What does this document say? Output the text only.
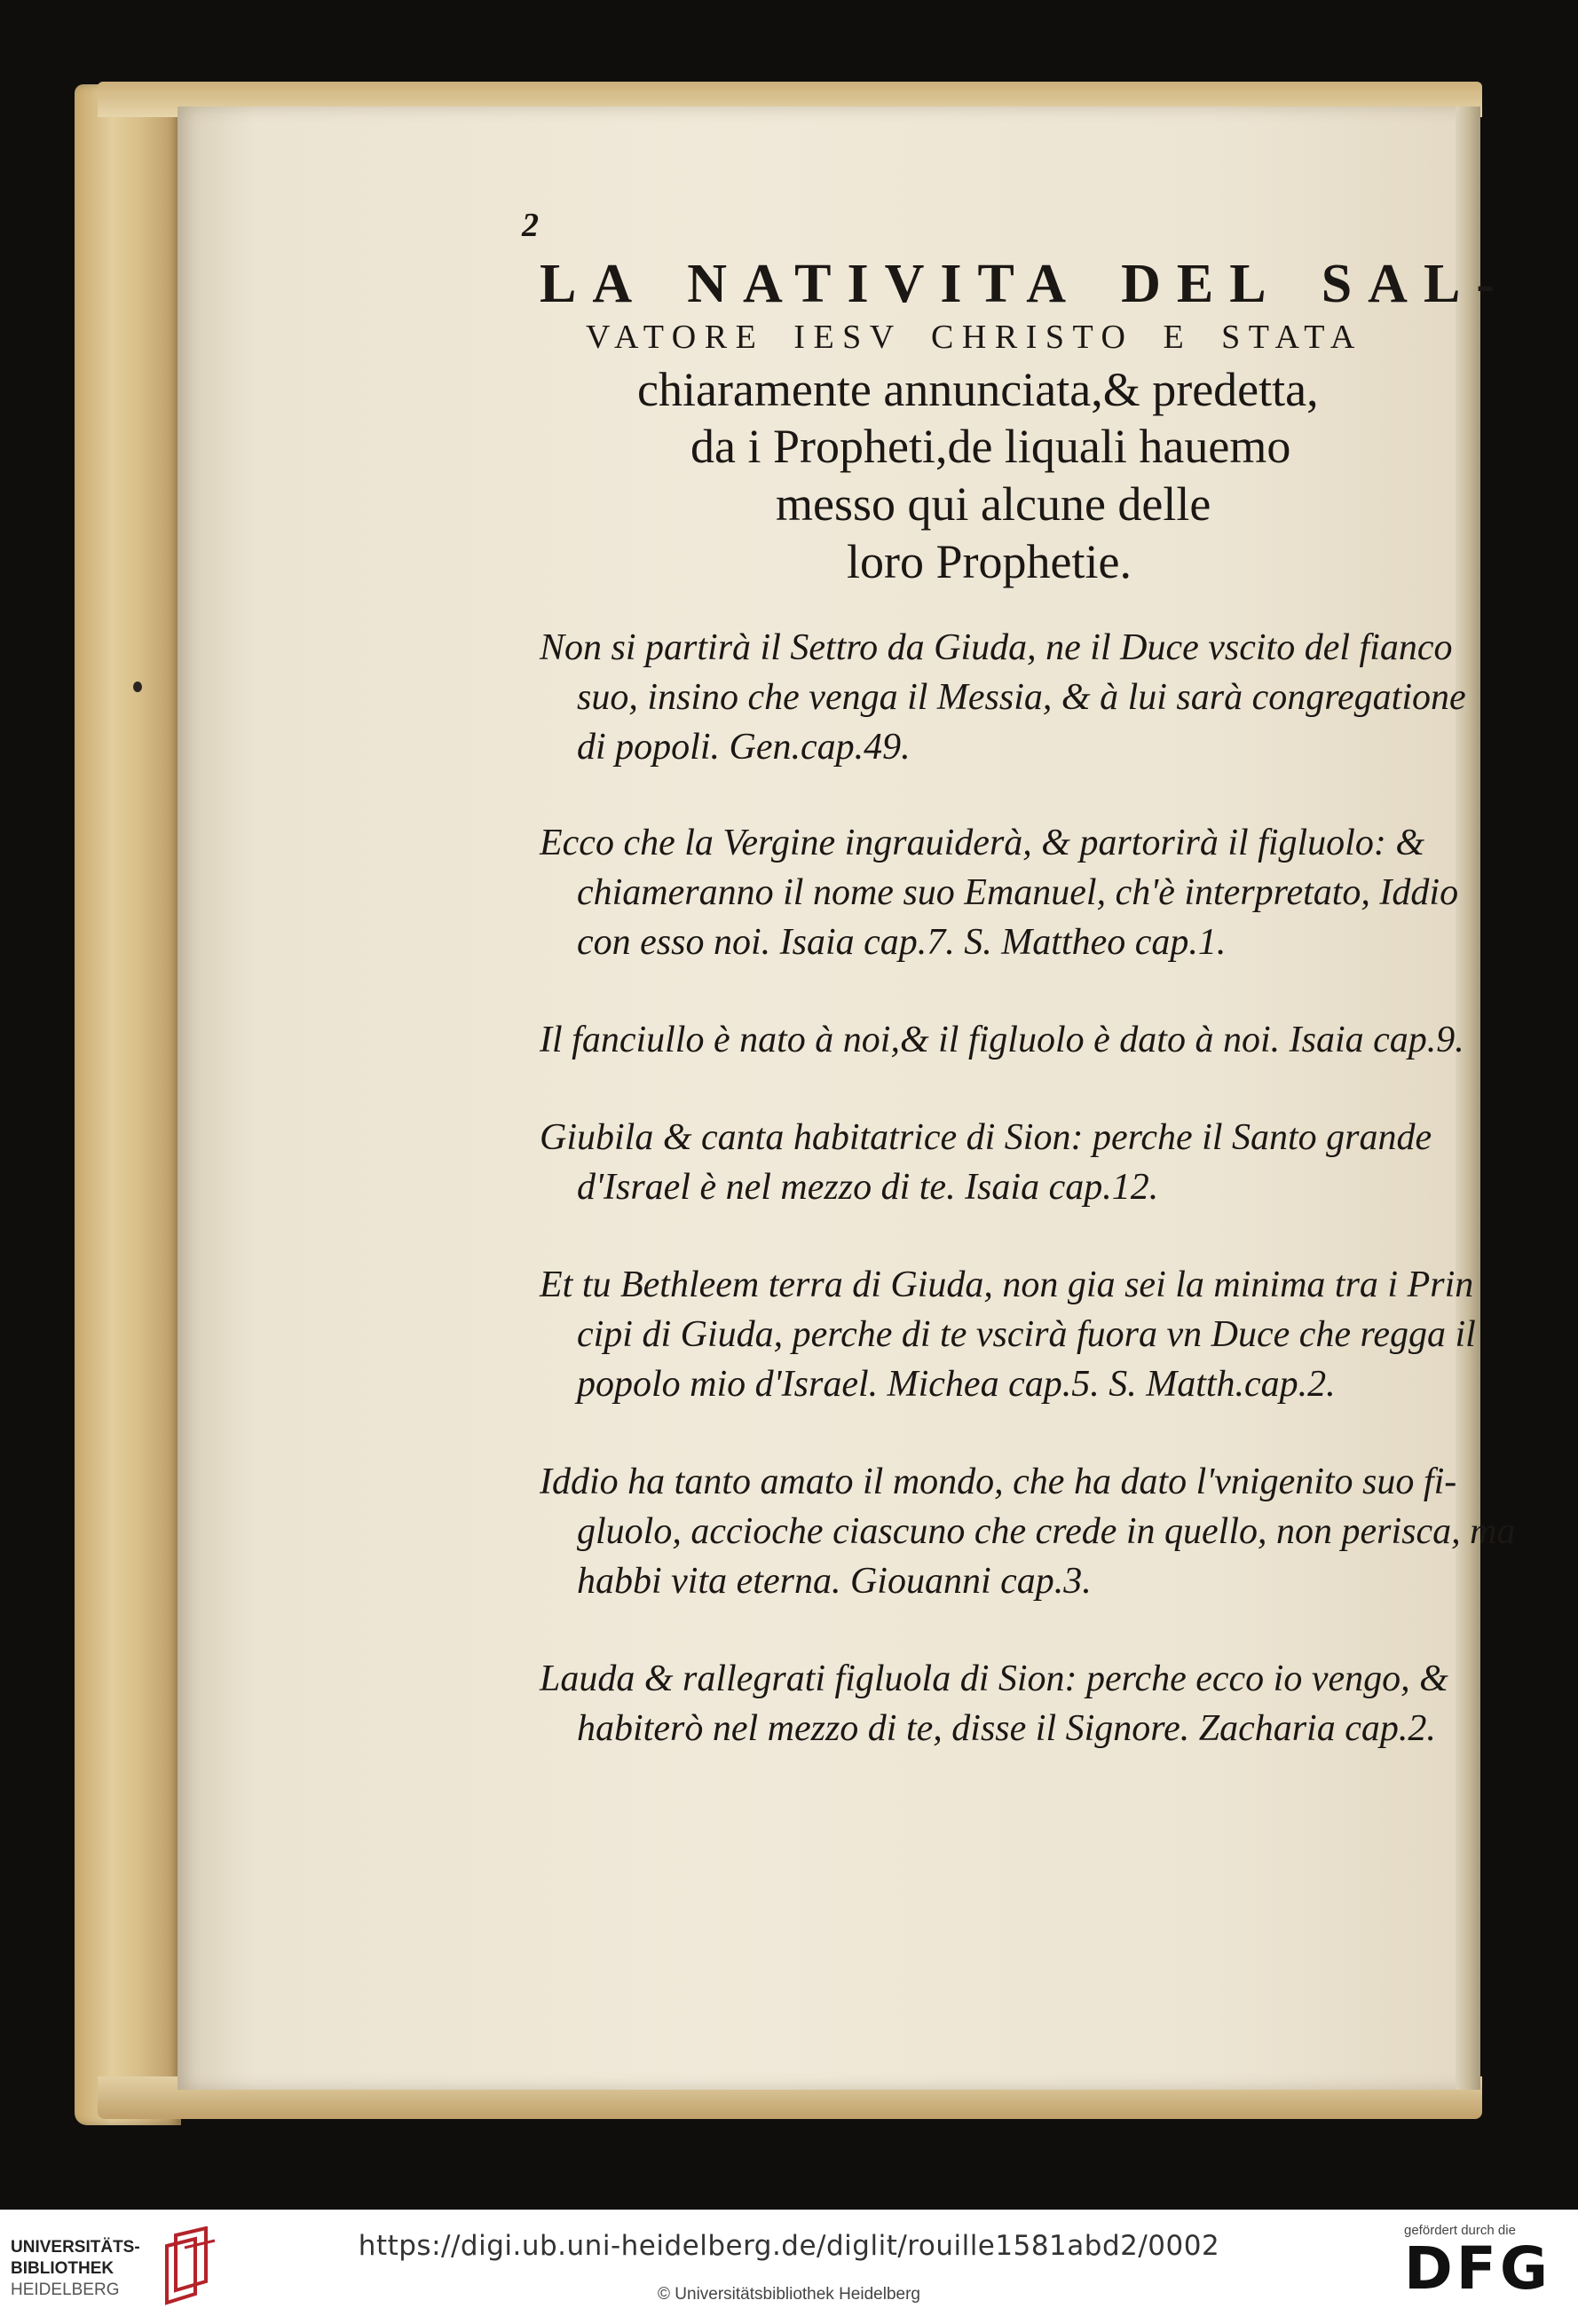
2
LA NATIVITA DEL SAL-
VATORE IESV CHRISTO E STATA
chiaramente annunciata,& predetta,
da i Propheti,de liquali hauemo
messo qui alcune delle
loro Prophetie.
Non si partirà il Settro da Giuda, ne il Duce vscito del fianco
suo, insino che venga il Messia, & à lui sarà congregatione
di popoli. Gen.cap.49.
Ecco che la Vergine ingrauiderà, & partorirà il figluolo: &
chiameranno il nome suo Emanuel, ch'è interpretato, Iddio
con esso noi. Isaia cap.7. S. Mattheo cap.1.
Il fanciullo è nato à noi,& il figluolo è dato à noi. Isaia cap.9.
Giubila & canta habitatrice di Sion: perche il Santo grande
d'Israel è nel mezzo di te. Isaia cap.12.
Et tu Bethleem terra di Giuda, non gia sei la minima tra i Prin
cipi di Giuda, perche di te vscirà fuora vn Duce che regga il
popolo mio d'Israel. Michea cap.5. S. Matth.cap.2.
Iddio ha tanto amato il mondo, che ha dato l'vnigenito suo fi-
gluolo, accioche ciascuno che crede in quello, non perisca, ma
habbi vita eterna. Giouanni cap.3.
Lauda & rallegrati figluola di Sion: perche ecco io vengo, &
habiterò nel mezzo di te, disse il Signore. Zacharia cap.2.
UNIVERSITÄTS-
BIBLIOTHEK
HEIDELBERG
https://digi.ub.uni-heidelberg.de/diglit/rouille1581abd2/0002
© Universitätsbibliothek Heidelberg
gefördert durch die
DFG
